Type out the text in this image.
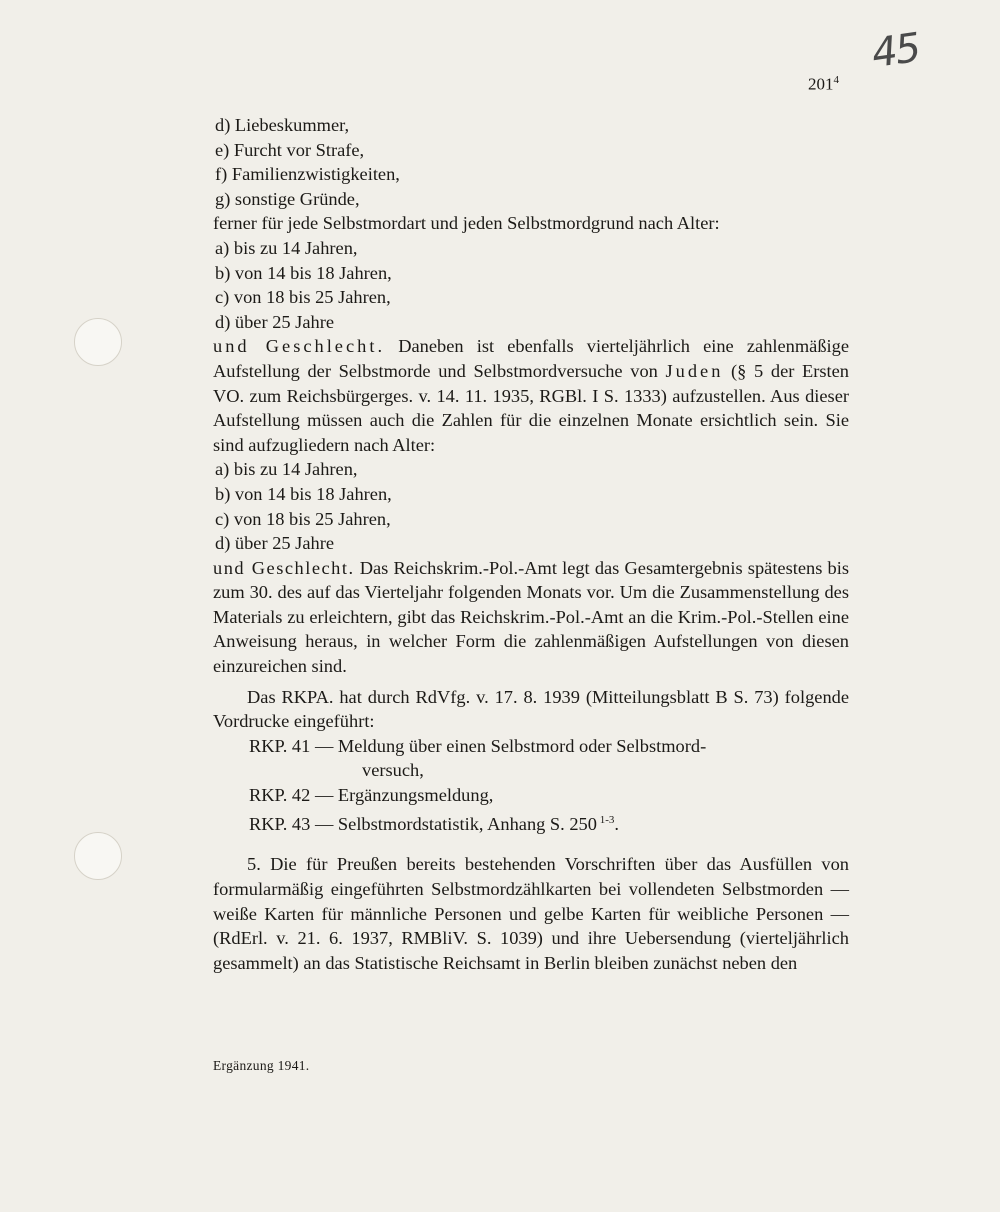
45
$201^4$

d) Liebeskummer,

e) Furcht vor Strafe,

f) Familienzwistigkeiten,

g) sonstige Gründe,

ferner für jede Selbstmordart und jeden Selbstmordgrund nach Alter:

a) bis zu 14 Jahren,

b) von 14 bis 18 Jahren,

c) von 18 bis 25 Jahren,

d) über 25 Jahre

und Geschlecht. Daneben ist ebenfalls vierteljährlich eine zahlenmäßige Aufstellung der Selbstmorde und Selbstmordversuche von Juden (§ 5 der Ersten VO. zum Reichsbürgerges. v. 14. 11. 1935, RGBl. I S. 1333) aufzustellen. Aus dieser Aufstellung müssen auch die Zahlen für die einzelnen Monate ersichtlich sein. Sie sind aufzugliedern nach Alter:

a) bis zu 14 Jahren,

b) von 14 bis 18 Jahren,

c) von 18 bis 25 Jahren,

d) über 25 Jahre

und Geschlecht. Das Reichskrim.-Pol.-Amt legt das Gesamtergebnis spätestens bis zum 30. des auf das Vierteljahr folgenden Monats vor. Um die Zusammenstellung des Materials zu erleichtern, gibt das Reichskrim.-Pol.-Amt an die Krim.-Pol.-Stellen eine Anweisung heraus, in welcher Form die zahlenmäßigen Aufstellungen von diesen einzureichen sind.

Das RKPA. hat durch RdVfg. v. 17. 8. 1939 (Mitteilungsblatt B S. 73) folgende Vordrucke eingeführt:

RKP. 41 — Meldung über einen Selbstmord oder Selbstmord-

versuch,

RKP. 42 — Ergänzungsmeldung,

RKP. 43 — Selbstmordstatistik, Anhang S. 250 $^{1-3}$.

5. Die für Preußen bereits bestehenden Vorschriften über das Ausfüllen von formularmäßig eingeführten Selbstmordzählkarten bei vollendeten Selbstmorden — weiße Karten für männliche Personen und gelbe Karten für weibliche Personen — (RdErl. v. 21. 6. 1937, RMBliV. S. 1039) und ihre Uebersendung (vierteljährlich gesammelt) an das Statistische Reichsamt in Berlin bleiben zunächst neben den

Ergänzung 1941.
